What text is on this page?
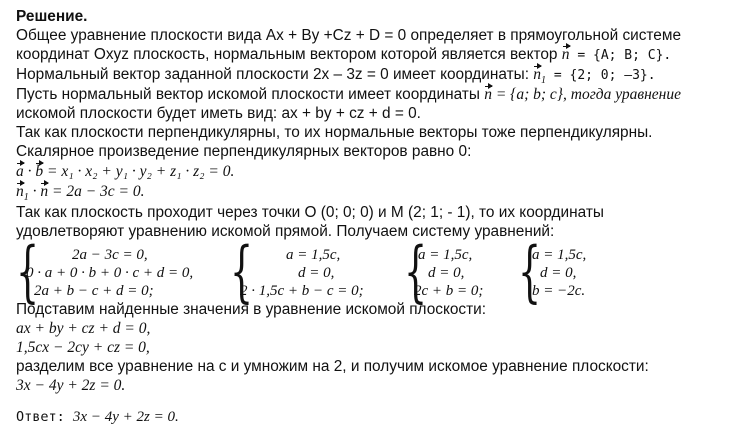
Решение.
Общее уравнение плоскости вида Ax + By +Cz + D = 0 определяет в прямоугольной системе
координат Oxyz плоскость, нормальным вектором которой является вектор n = {A; B; C}.
Нормальный вектор заданной плоскости 2x – 3z = 0 имеет координаты: $n_1 = \{2$; 0; –3}.
Пусть нормальный вектор искомой плоскости имеет координаты n = {a; b; c}, тогда уравнение
искомой плоскости будет иметь вид: ax + by + cz + d = 0.
Так как плоскости перпендикулярны, то их нормальные векторы тоже перпендикулярны.
Скалярное произведение перпендикулярных векторов равно 0:
a · b = x₁ · x₂ + y₁ · y₂ + z₁ · z₂ = 0.
$n_1 \cdot n = 2a - 3c = 0$.
Так как плоскость проходит через точки O (0; 0; 0) и M (2; 1; - 1), то их координаты
удовлетворяют уравнению искомой прямой. Получаем систему уравнений:
{ 2a − 3c = 0,
0 · a + 0 · b + 0 · c + d = 0,
2a + b − c + d = 0; { a = 1,5c,
d = 0,
2 · 1,5c + b − c = 0; {
a = 1,5c,
d = 0,
2c + b = 0; {
a = 1,5c,
d = 0,
b = −2c.
Подставим найденные значения в уравнение искомой плоскости:
ax + by + cz + d = 0,
1,5cx − 2cy + cz = 0,
разделим все уравнение на c и умножим на 2, и получим искомое уравнение плоскости:
3x − 4y + 2z = 0.
Ответ: 3x − 4y + 2z = 0.
